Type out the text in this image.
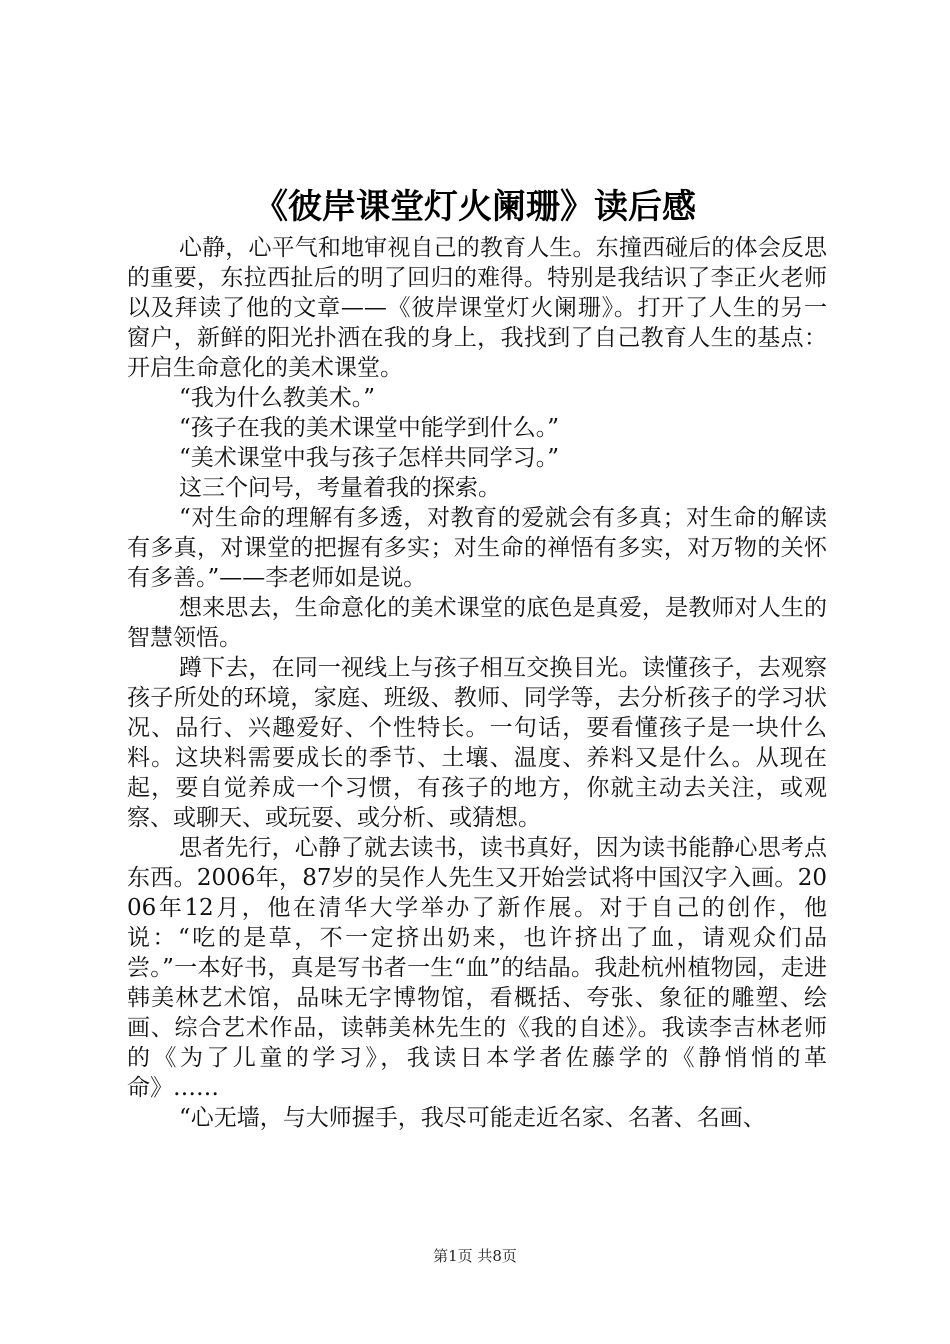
《彼岸课堂灯火阑珊》读后感

心静，心平气和地审视自己的教育人生。东撞西碰后的体会反思的重要，东拉西扯后的明了回归的难得。特别是我结识了李正火老师以及拜读了他的文章——《彼岸课堂灯火阑珊》。打开了人生的另一窗户，新鲜的阳光扑洒在我的身上，我找到了自己教育人生的基点：开启生命意化的美术课堂。

“我为什么教美术。”

“孩子在我的美术课堂中能学到什么。”

“美术课堂中我与孩子怎样共同学习。”

这三个问号，考量着我的探索。

“对生命的理解有多透，对教育的爱就会有多真；对生命的解读有多真，对课堂的把握有多实；对生命的禅悟有多实，对万物的关怀有多善。”——李老师如是说。

想来思去，生命意化的美术课堂的底色是真爱，是教师对人生的智慧领悟。

蹲下去，在同一视线上与孩子相互交换目光。读懂孩子，去观察孩子所处的环境，家庭、班级、教师、同学等，去分析孩子的学习状况、品行、兴趣爱好、个性特长。一句话，要看懂孩子是一块什么料。这块料需要成长的季节、土壤、温度、养料又是什么。从现在起，要自觉养成一个习惯，有孩子的地方，你就主动去关注，或观察、或聊天、或玩耍、或分析、或猜想。

思者先行，心静了就去读书，读书真好，因为读书能静心思考点东西。2006年，87岁的吴作人先生又开始尝试将中国汉字入画。2006年12月，他在清华大学举办了新作展。对于自己的创作，他说：“吃的是草，不一定挤出奶来，也许挤出了血，请观众们品尝。”一本好书，真是写书者一生“血”的结晶。我赴杭州植物园，走进韩美林艺术馆，品味无字博物馆，看概括、夸张、象征的雕塑、绘画、综合艺术作品，读韩美林先生的《我的自述》。我读李吉林老师的《为了儿童的学习》，我读日本学者佐藤学的《静悄悄的革命》……

“心无墙，与大师握手，我尽可能走近名家、名著、名画、

第1页 共8页
